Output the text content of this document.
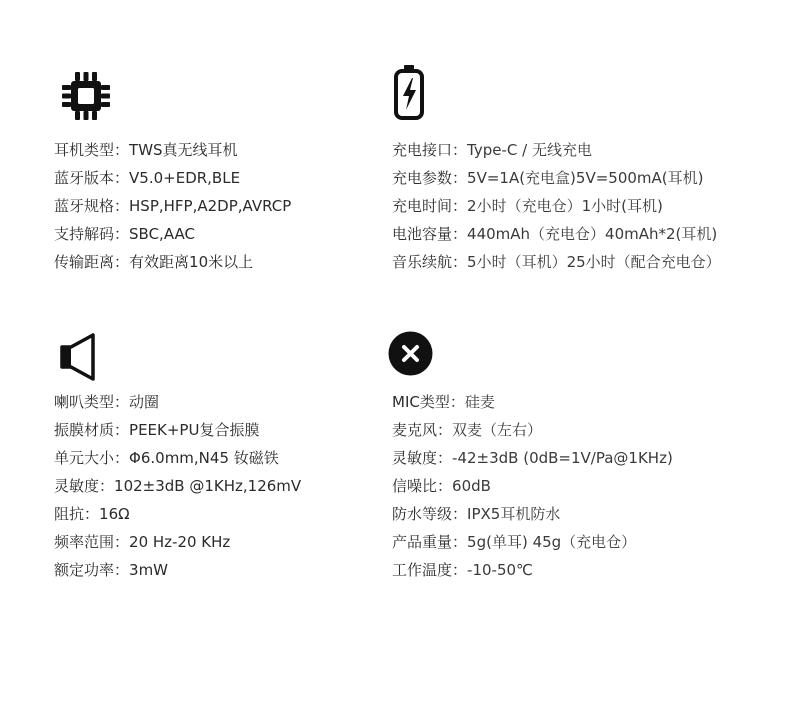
耳机类型：TWS真无线耳机
蓝牙版本：V5.0+EDR,BLE
蓝牙规格：HSP,HFP,A2DP,AVRCP
支持解码：SBC,AAC
传输距离：有效距离10米以上
充电接口：Type-C / 无线充电
充电参数：5V=1A(充电盒)5V=500mA(耳机)
充电时间：2小时（充电仓）1小时(耳机)
电池容量：440mAh（充电仓）40mAh*2(耳机)
音乐续航：5小时（耳机）25小时（配合充电仓）
喇叭类型：动圈
振膜材质：PEEK+PU复合振膜
单元大小：Φ6.0mm,N45 钕磁铁
灵敏度：102±3dB @1KHz,126mV
阻抗：16Ω
频率范围：20 Hz-20 KHz
额定功率：3mW
MIC类型：硅麦
麦克风：双麦（左右）
灵敏度：-42±3dB (0dB=1V/Pa@1KHz)
信噪比：60dB
防水等级：IPX5耳机防水
产品重量：5g(单耳) 45g（充电仓）
工作温度：-10-50℃
